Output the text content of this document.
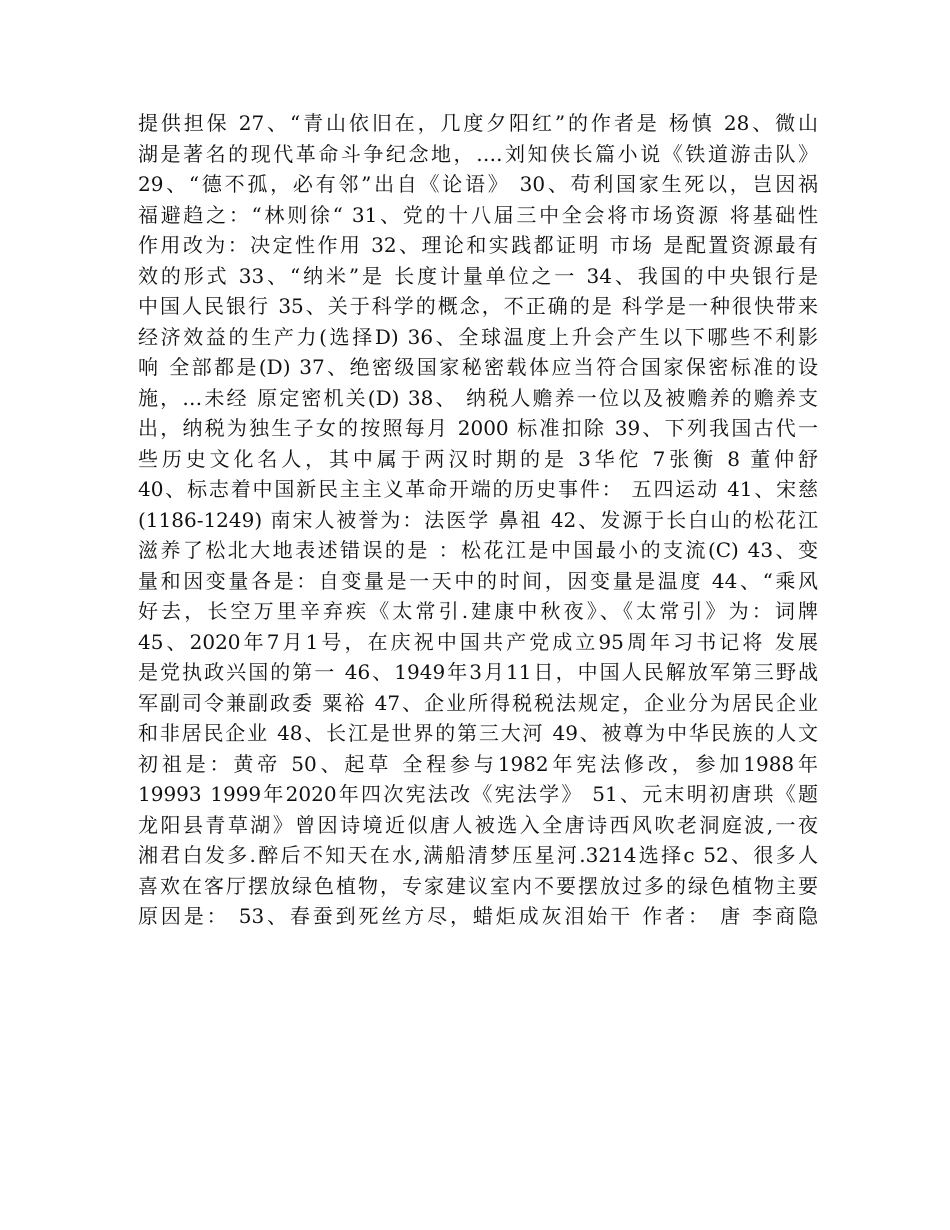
提供担保 27、“青山依旧在，几度夕阳红”的作者是 杨慎 28、微山
湖是著名的现代革命斗争纪念地，….刘知侠长篇小说《铁道游击队》
29、“德不孤，必有邻”出自《论语》 30、苟利国家生死以，岂因祸
福避趋之：“林则徐“ 31、党的十八届三中全会将市场资源 将基础性
作用改为：决定性作用 32、理论和实践都证明 市场 是配置资源最有
效的形式 33、“纳米”是 长度计量单位之一 34、我国的中央银行是
中国人民银行 35、关于科学的概念，不正确的是 科学是一种很快带来
经济效益的生产力(选择D) 36、全球温度上升会产生以下哪些不利影
响 全部都是(D) 37、绝密级国家秘密载体应当符合国家保密标准的设
施，…未经 原定密机关(D) 38、 纳税人赡养一位以及被赡养的赡养支
出，纳税为独生子女的按照每月 2000 标准扣除 39、下列我国古代一
些历史文化名人，其中属于两汉时期的是 3华佗 7张衡 8 董仲舒
40、标志着中国新民主主义革命开端的历史事件： 五四运动 41、宋慈
(1186-1249) 南宋人被誉为：法医学 鼻祖 42、发源于长白山的松花江
滋养了松北大地表述错误的是 ：松花江是中国最小的支流(C) 43、变
量和因变量各是：自变量是一天中的时间，因变量是温度 44、“乘风
好去，长空万里辛弃疾《太常引.建康中秋夜》、《太常引》为：词牌
45、2020年7月1号，在庆祝中国共产党成立95周年习书记将 发展
是党执政兴国的第一 46、1949年3月11日，中国人民解放军第三野战
军副司令兼副政委 粟裕 47、企业所得税税法规定，企业分为居民企业
和非居民企业 48、长江是世界的第三大河 49、被尊为中华民族的人文
初祖是：黄帝 50、起草 全程参与1982年宪法修改，参加1988年
19993 1999年2020年四次宪法改《宪法学》 51、元末明初唐珙《题
龙阳县青草湖》曾因诗境近似唐人被选入全唐诗西风吹老洞庭波,一夜
湘君白发多.醉后不知天在水,满船清梦压星河.3214选择c 52、很多人
喜欢在客厅摆放绿色植物，专家建议室内不要摆放过多的绿色植物主要
原因是： 53、春蚕到死丝方尽，蜡炬成灰泪始干 作者： 唐 李商隐
